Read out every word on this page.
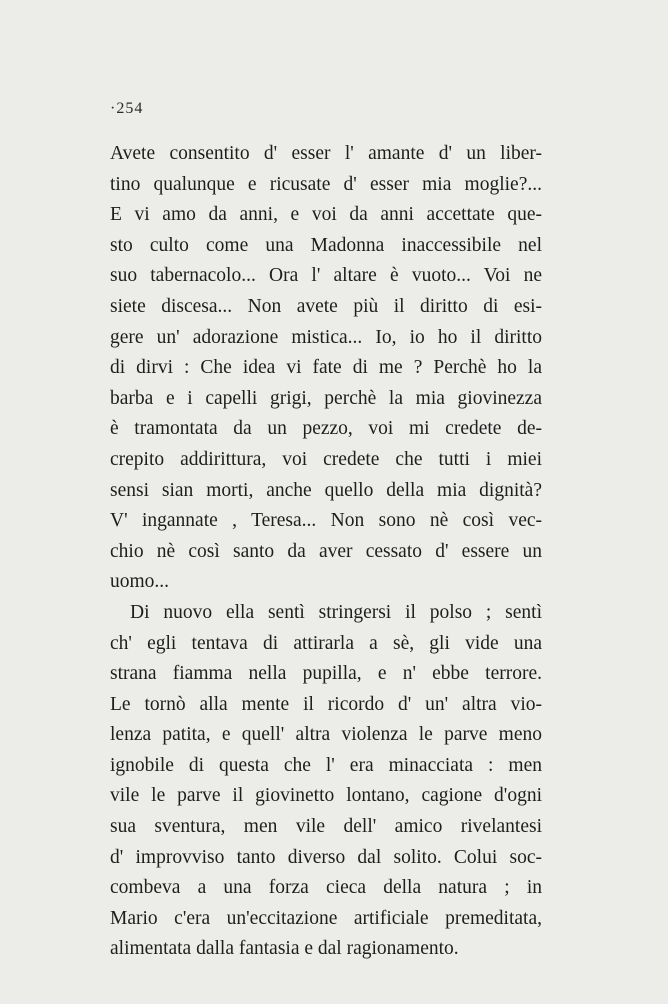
·254
Avete consentito d' esser l' amante d' un liber-
tino qualunque e ricusate d' esser mia moglie?...
E vi amo da anni, e voi da anni accettate que-
sto culto come una Madonna inaccessibile nel
suo tabernacolo... Ora l' altare è vuoto... Voi ne
siete discesa... Non avete più il diritto di esi-
gere un' adorazione mistica... Io, io ho il diritto
di dirvi : Che idea vi fate di me ? Perchè ho la
barba e i capelli grigi, perchè la mia giovinezza
è tramontata da un pezzo, voi mi credete de-
crepito addirittura, voi credete che tutti i miei
sensi sian morti, anche quello della mia dignità?
V' ingannate , Teresa... Non sono nè così vec-
chio nè così santo da aver cessato d' essere un
uomo...
Di nuovo ella sentì stringersi il polso ; sentì
ch' egli tentava di attirarla a sè, gli vide una
strana fiamma nella pupilla, e n' ebbe terrore.
Le tornò alla mente il ricordo d' un' altra vio-
lenza patita, e quell' altra violenza le parve meno
ignobile di questa che l' era minacciata : men
vile le parve il giovinetto lontano, cagione d'ogni
sua sventura, men vile dell' amico rivelantesi
d' improvviso tanto diverso dal solito. Colui soc-
combeva a una forza cieca della natura ; in
Mario c'era un'eccitazione artificiale premeditata,
alimentata dalla fantasia e dal ragionamento.
